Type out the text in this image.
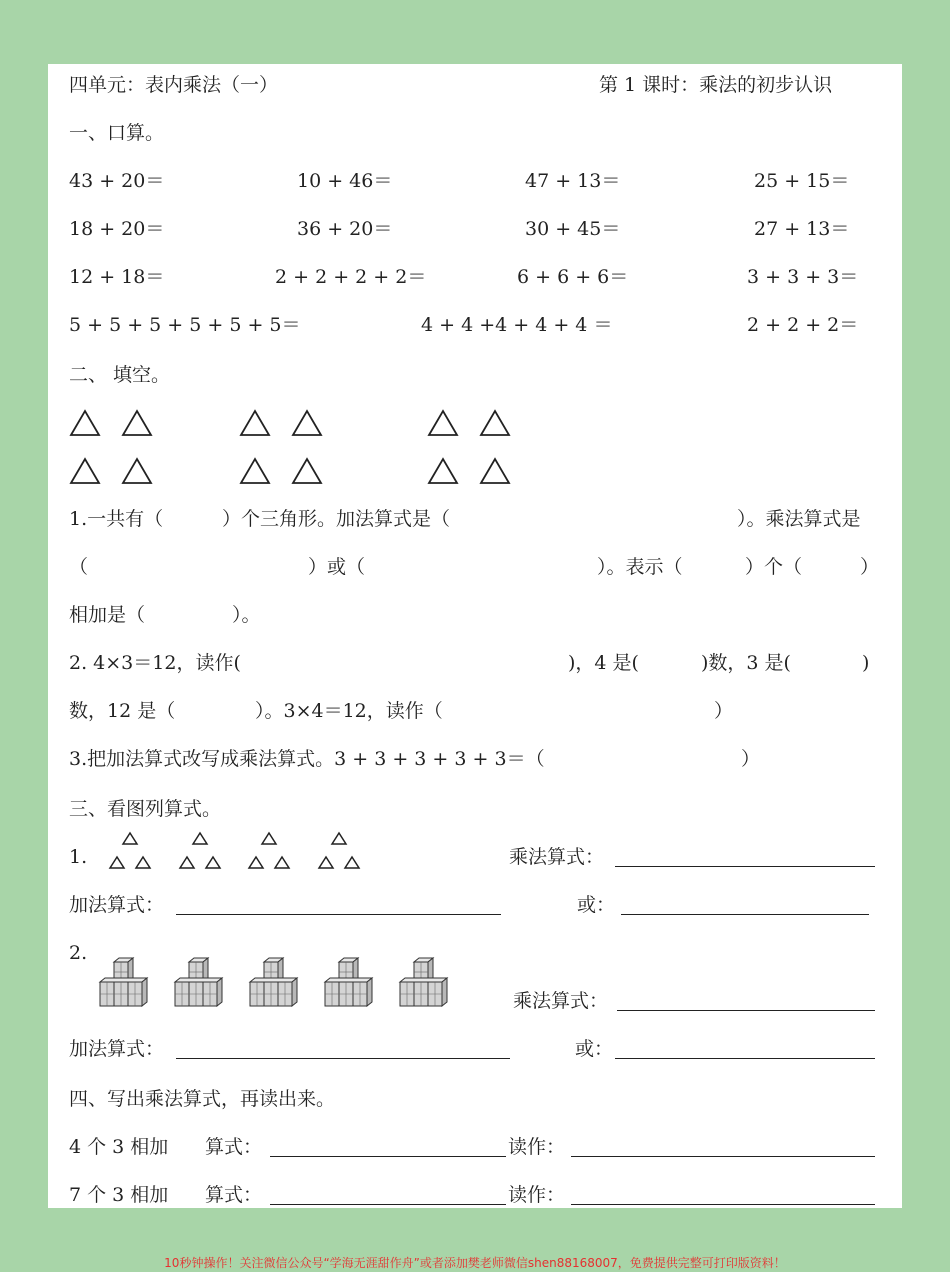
四单元：表内乘法（一）	第 1 课时：乘法的初步认识
一、口算。
43 + 20＝	10 + 46＝	47 + 13＝	25 + 15＝
18 + 20＝	36 + 20＝	30 + 45＝	27 + 13＝
12 + 18＝	2 + 2 + 2 + 2＝	6 + 6 + 6＝	3 + 3 + 3＝
5 + 5 + 5 + 5 + 5 + 5＝	4 + 4 +4 + 4 + 4 ＝	2 + 2 + 2＝
二、 填空。
1.一共有（	）个三角形。加法算式是（	）。乘法算式是
（	）或（	）。表示（	）个（	）
相加是（	）。
2. 4×3＝12，读作(	)，4 是(	)数，3 是(	)
数，12 是（	）。3×4＝12，读作（	）
3.把加法算式改写成乘法算式。3 + 3 + 3 + 3 + 3＝（	）
三、看图列算式。
1.	乘法算式：
加法算式：	或：
2.
乘法算式：
加法算式：	或：
四、写出乘法算式，再读出来。
4 个 3 相加 算式：	读作：
7 个 3 相加 算式：	读作：
10秒钟操作！关注微信公众号“学海无涯甜作舟”或者添加樊老师微信shen88168007，免费提供完整可打印版资料！
